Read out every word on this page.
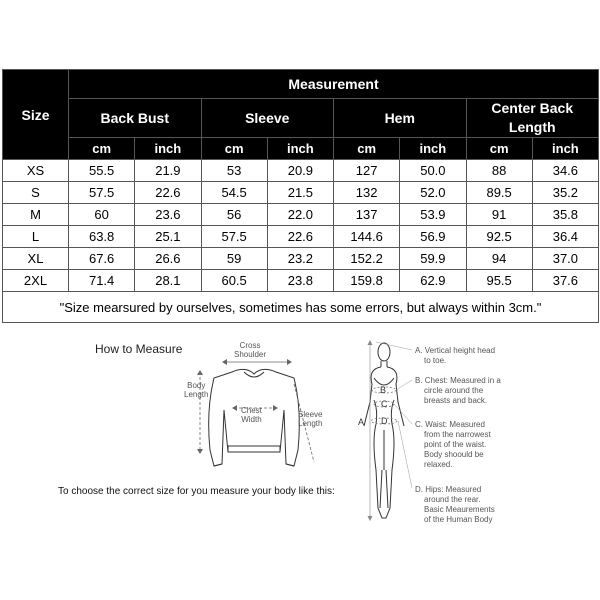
Size	Measurement							
	Back Bust		Sleeve		Hem		Center Back Length	
	cm	inch	cm	inch	cm	inch	cm	inch
XS	55.5	21.9	53	20.9	127	50.0	88	34.6
S	57.5	22.6	54.5	21.5	132	52.0	89.5	35.2
M	60	23.6	56	22.0	137	53.9	91	35.8
L	63.8	25.1	57.5	22.6	144.6	56.9	92.5	36.4
XL	67.6	26.6	59	23.2	152.2	59.9	94	37.0
2XL	71.4	28.1	60.5	23.8	159.8	62.9	95.5	37.6
"Size mearsured by ourselves, sometimes has some errors, but always within 3cm."								
How to Measure
To choose the correct size for you measure your body like this:
Cross
Shoulder
Body
Length
Chest
Width
Sleeve
Length	A
B
C
D
A. Vertical height head
to toe.
B. Chest: Measured in a
circle around the
breasts and back.
C. Waist: Measured
from the narrowest
point of the waist.
Body shoould be
relaxed.
D. Hips: Measured
around the rear.
Basic Meaurements
of the Human Body
